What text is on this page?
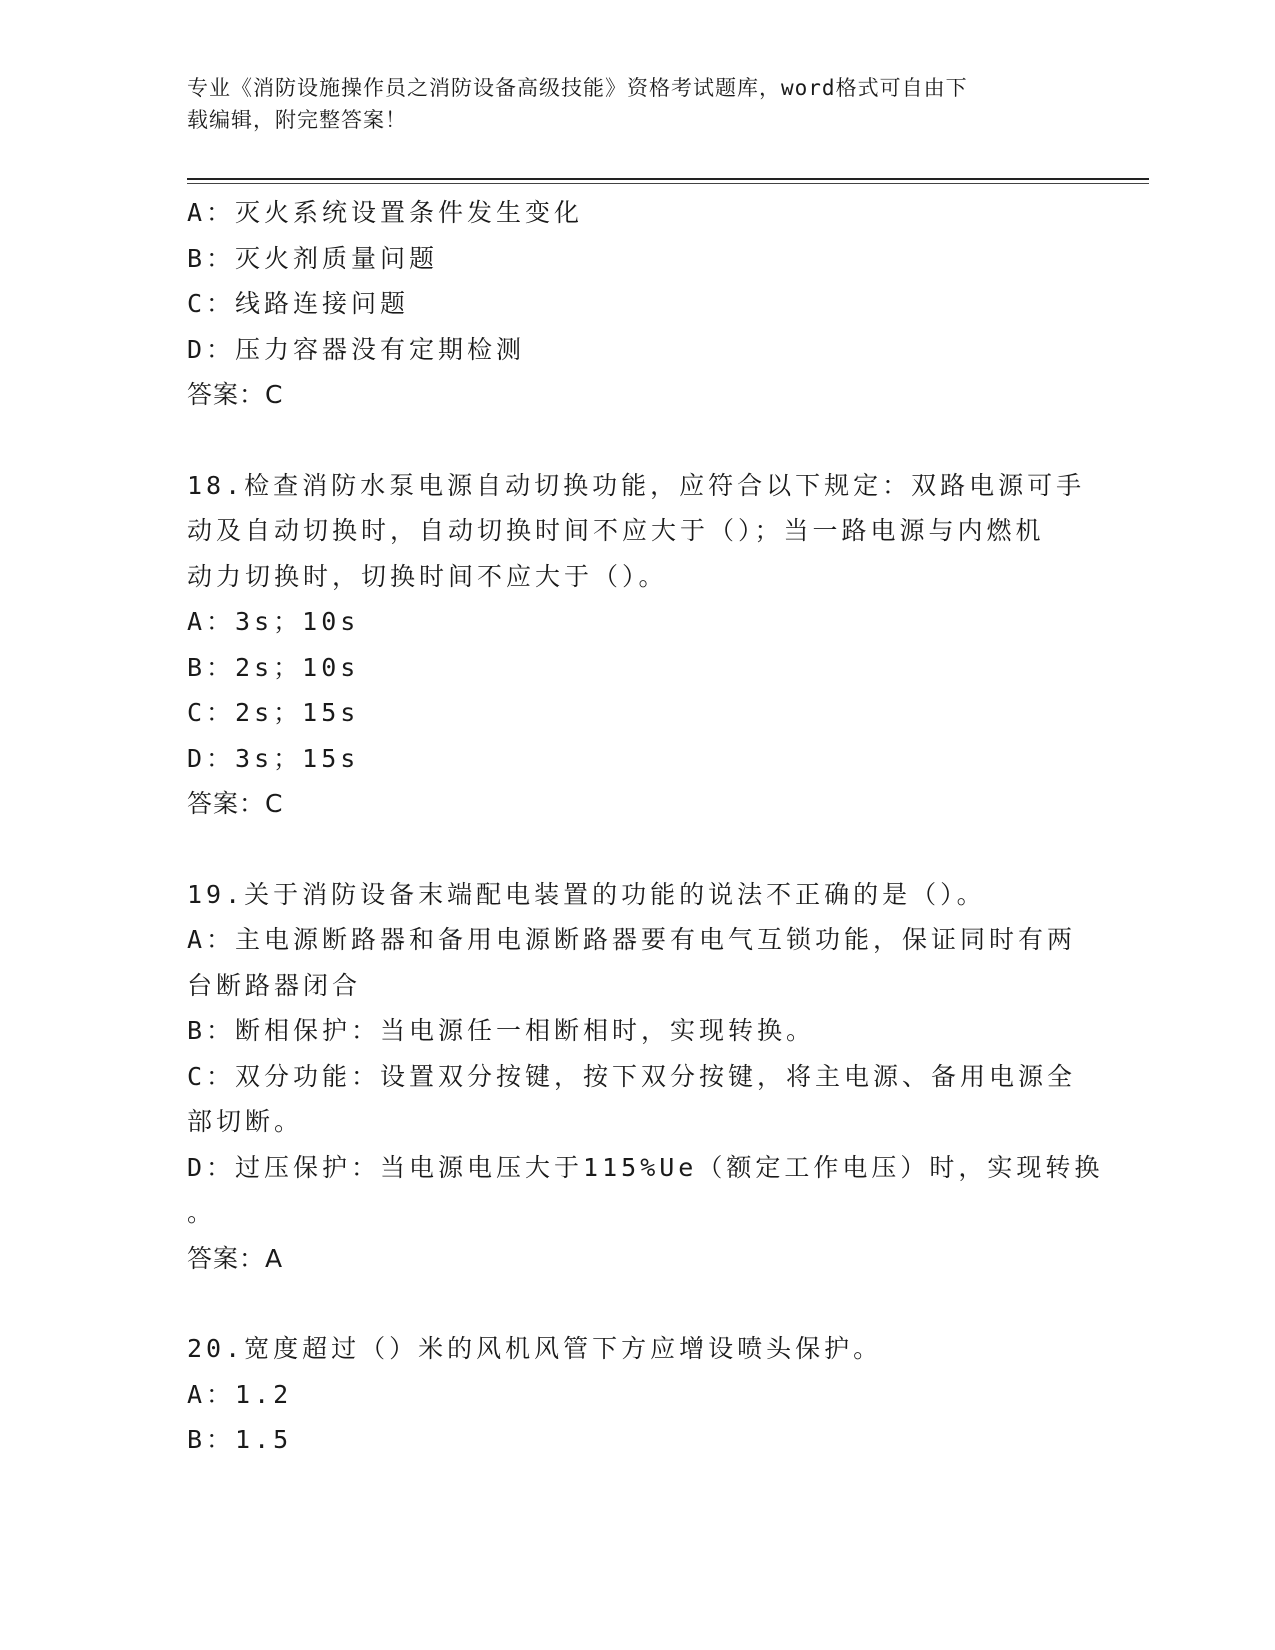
专业《消防设施操作员之消防设备高级技能》资格考试题库，word格式可自由下
载编辑，附完整答案！
A：灭火系统设置条件发生变化
B：灭火剂质量问题
C：线路连接问题
D：压力容器没有定期检测
答案：C
18.检查消防水泵电源自动切换功能，应符合以下规定：双路电源可手
动及自动切换时，自动切换时间不应大于（）；当一路电源与内燃机
动力切换时，切换时间不应大于（）。
A：3s；10s
B：2s；10s
C：2s；15s
D：3s；15s
答案：C
19.关于消防设备末端配电装置的功能的说法不正确的是（）。
A：主电源断路器和备用电源断路器要有电气互锁功能，保证同时有两
台断路器闭合
B：断相保护：当电源任一相断相时，实现转换。
C：双分功能：设置双分按键，按下双分按键，将主电源、备用电源全
部切断。
D：过压保护：当电源电压大于115%Ue（额定工作电压）时，实现转换
。
答案：A
20.宽度超过（）米的风机风管下方应增设喷头保护。
A：1.2
B：1.5
